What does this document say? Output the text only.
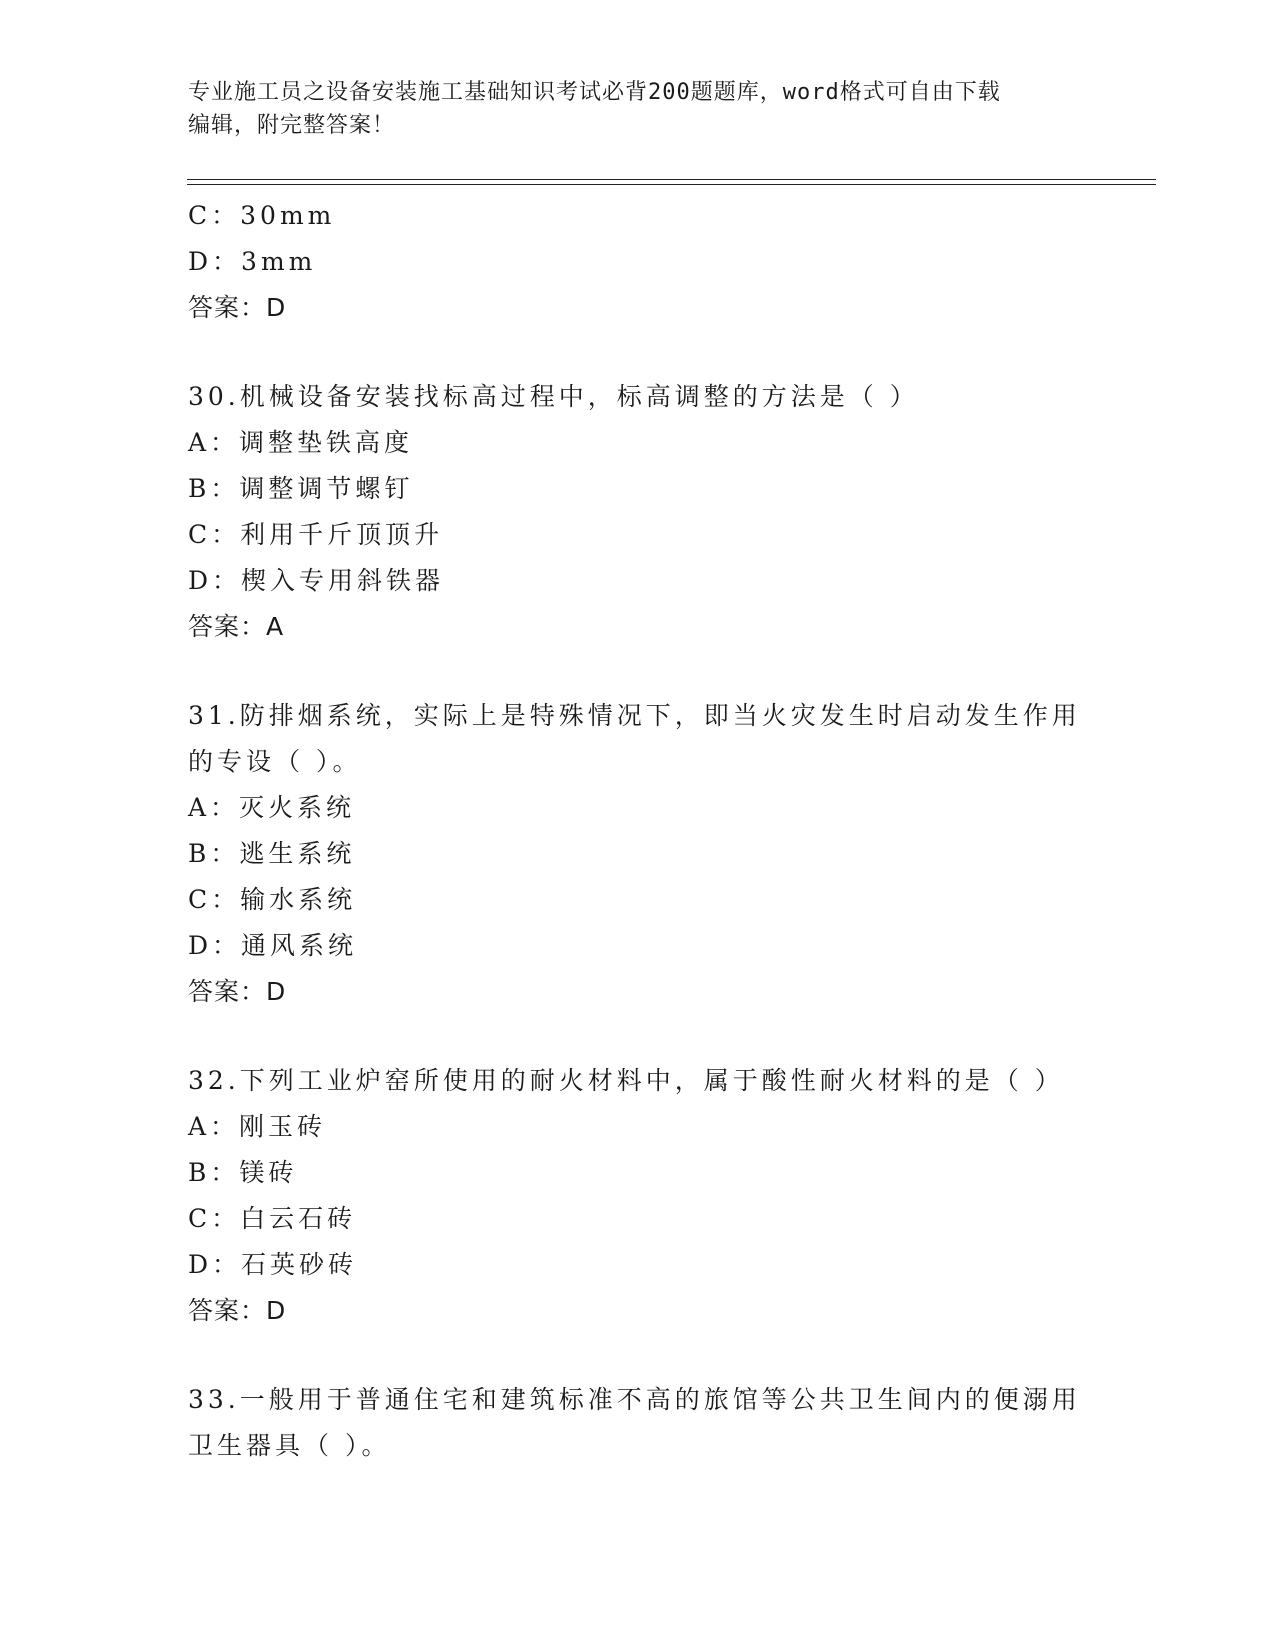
专业施工员之设备安装施工基础知识考试必背200题题库，word格式可自由下载
编辑，附完整答案！
C：30mm
D：3mm
答案：D
30.机械设备安装找标高过程中，标高调整的方法是（ ）
A：调整垫铁高度
B：调整调节螺钉
C：利用千斤顶顶升
D：楔入专用斜铁器
答案：A
31.防排烟系统，实际上是特殊情况下，即当火灾发生时启动发生作用
的专设（ ）。
A：灭火系统
B：逃生系统
C：输水系统
D：通风系统
答案：D
32.下列工业炉窑所使用的耐火材料中，属于酸性耐火材料的是（ ）
A：刚玉砖
B：镁砖
C：白云石砖
D：石英砂砖
答案：D
33.一般用于普通住宅和建筑标准不高的旅馆等公共卫生间内的便溺用
卫生器具（ ）。
